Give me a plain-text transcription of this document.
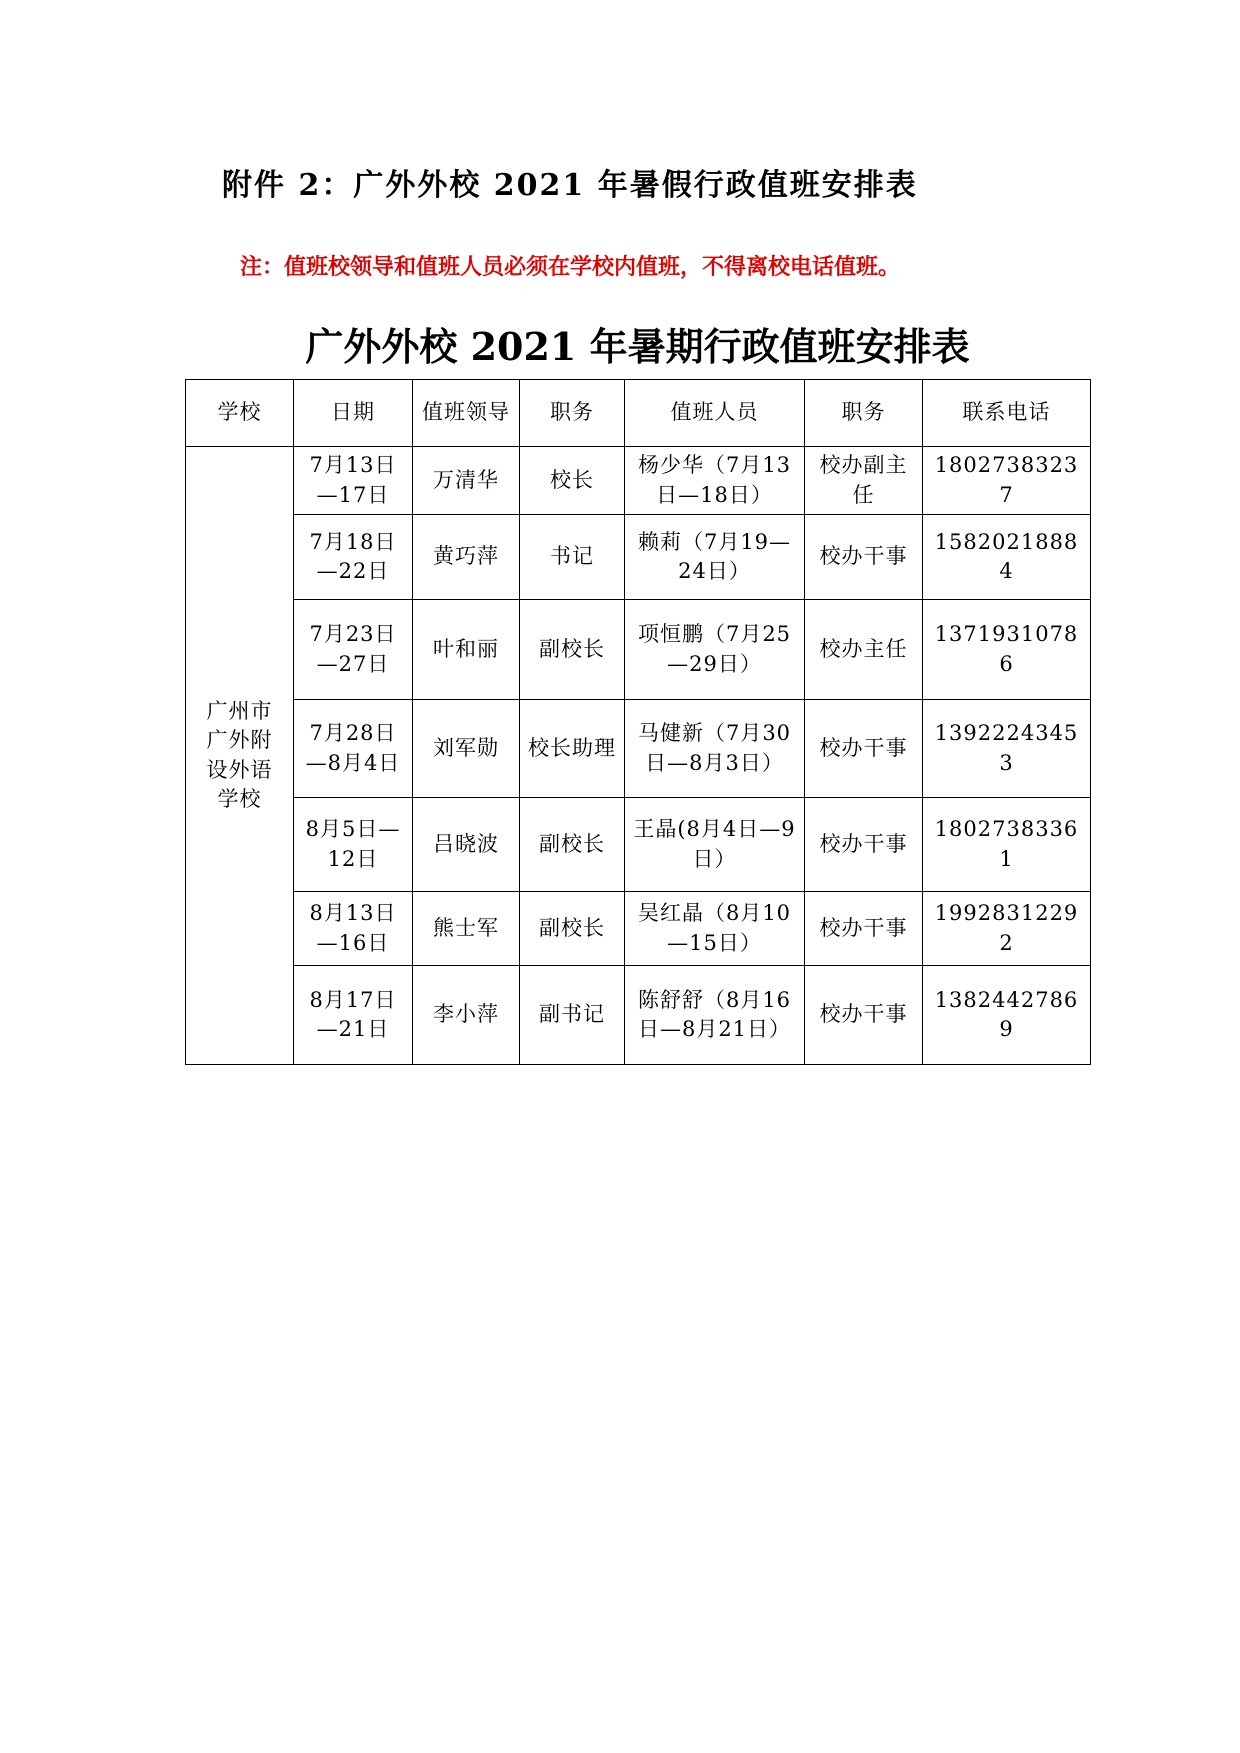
附件 2：广外外校 2021 年暑假行政值班安排表
注：值班校领导和值班人员必须在学校内值班，不得离校电话值班。
广外外校 2021 年暑期行政值班安排表
学校	日期	值班领导	职务	值班人员	职务	联系电话
广州市广外附设外语学校	7月13日—17日	万清华	校长	杨少华（7月13日—18日）	校办副主任	18027383237
	7月18日—22日	黄巧萍	书记	赖莉（7月19—24日）	校办干事	15820218884
	7月23日—27日	叶和丽	副校长	项恒鹏（7月25—29日）	校办主任	13719310786
	7月28日—8月4日	刘军勋	校长助理	马健新（7月30日—8月3日）	校办干事	13922243453
	8月5日—12日	吕晓波	副校长	王晶(8月4日—9日）	校办干事	18027383361
	8月13日—16日	熊士军	副校长	吴红晶（8月10—15日）	校办干事	19928312292
	8月17日—21日	李小萍	副书记	陈舒舒（8月16日—8月21日）	校办干事	13824427869
